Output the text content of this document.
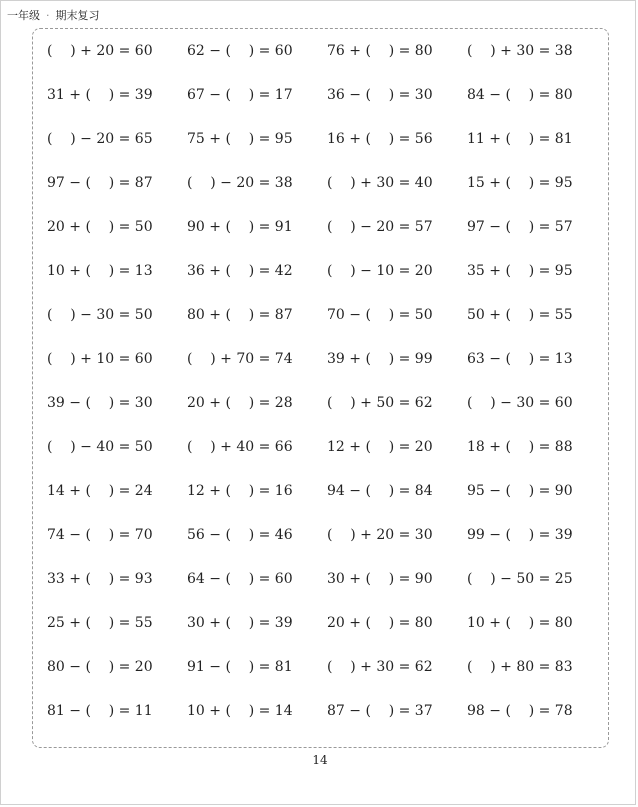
一年级 · 期末复习
(    ) + 20 = 60	62 − (    ) = 60	76 + (    ) = 80	(    ) + 30 = 38
31 + (    ) = 39	67 − (    ) = 17	36 − (    ) = 30	84 − (    ) = 80
(    ) − 20 = 65	75 + (    ) = 95	16 + (    ) = 56	11 + (    ) = 81
97 − (    ) = 87	(    ) − 20 = 38	(    ) + 30 = 40	15 + (    ) = 95
20 + (    ) = 50	90 + (    ) = 91	(    ) − 20 = 57	97 − (    ) = 57
10 + (    ) = 13	36 + (    ) = 42	(    ) − 10 = 20	35 + (    ) = 95
(    ) − 30 = 50	80 + (    ) = 87	70 − (    ) = 50	50 + (    ) = 55
(    ) + 10 = 60	(    ) + 70 = 74	39 + (    ) = 99	63 − (    ) = 13
39 − (    ) = 30	20 + (    ) = 28	(    ) + 50 = 62	(    ) − 30 = 60
(    ) − 40 = 50	(    ) + 40 = 66	12 + (    ) = 20	18 + (    ) = 88
14 + (    ) = 24	12 + (    ) = 16	94 − (    ) = 84	95 − (    ) = 90
74 − (    ) = 70	56 − (    ) = 46	(    ) + 20 = 30	99 − (    ) = 39
33 + (    ) = 93	64 − (    ) = 60	30 + (    ) = 90	(    ) − 50 = 25
25 + (    ) = 55	30 + (    ) = 39	20 + (    ) = 80	10 + (    ) = 80
80 − (    ) = 20	91 − (    ) = 81	(    ) + 30 = 62	(    ) + 80 = 83
81 − (    ) = 11	10 + (    ) = 14	87 − (    ) = 37	98 − (    ) = 78
14
